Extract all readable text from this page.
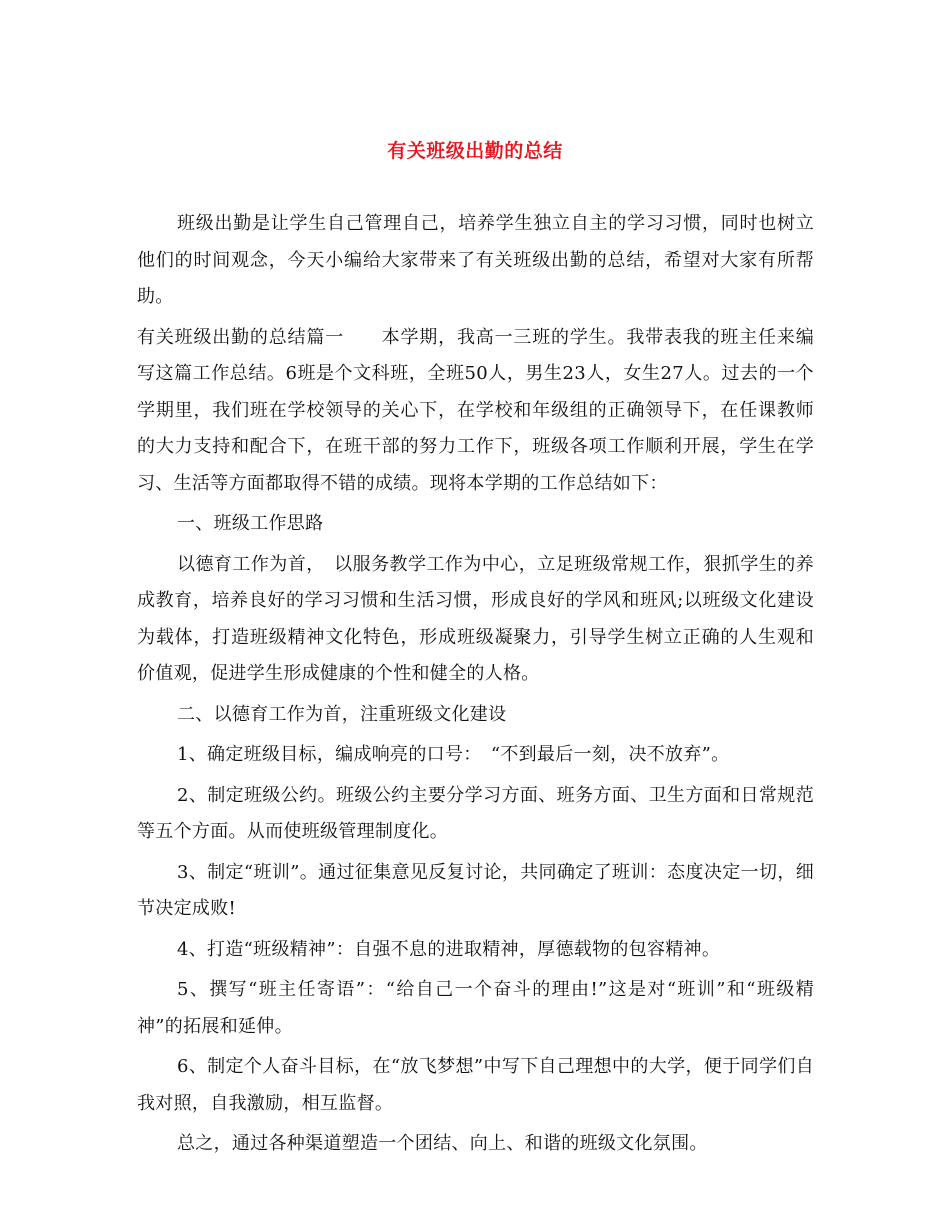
有关班级出勤的总结

班级出勤是让学生自己管理自己，培养学生独立自主的学习习惯，同时也树立他们的时间观念，今天小编给大家带来了有关班级出勤的总结，希望对大家有所帮助。

有关班级出勤的总结篇一　　本学期，我高一三班的学生。我带表我的班主任来编写这篇工作总结。6班是个文科班，全班50人，男生23人，女生27人。过去的一个学期里，我们班在学校领导的关心下，在学校和年级组的正确领导下，在任课教师的大力支持和配合下，在班干部的努力工作下，班级各项工作顺利开展，学生在学习、生活等方面都取得不错的成绩。现将本学期的工作总结如下：

一、班级工作思路

以德育工作为首，　以服务教学工作为中心，立足班级常规工作，狠抓学生的养成教育，培养良好的学习习惯和生活习惯，形成良好的学风和班风;以班级文化建设为载体，打造班级精神文化特色，形成班级凝聚力，引导学生树立正确的人生观和价值观，促进学生形成健康的个性和健全的人格。

二、以德育工作为首，注重班级文化建设

1、确定班级目标，编成响亮的口号：　“不到最后一刻，决不放弃”。

2、制定班级公约。班级公约主要分学习方面、班务方面、卫生方面和日常规范等五个方面。从而使班级管理制度化。

3、制定“班训”。通过征集意见反复讨论，共同确定了班训：态度决定一切，细节决定成败!

4、打造“班级精神”：自强不息的进取精神，厚德载物的包容精神。

5、撰写“班主任寄语”：“给自己一个奋斗的理由!”这是对“班训”和“班级精神”的拓展和延伸。

6、制定个人奋斗目标，在“放飞梦想”中写下自己理想中的大学，便于同学们自我对照，自我激励，相互监督。

总之，通过各种渠道塑造一个团结、向上、和谐的班级文化氛围。
